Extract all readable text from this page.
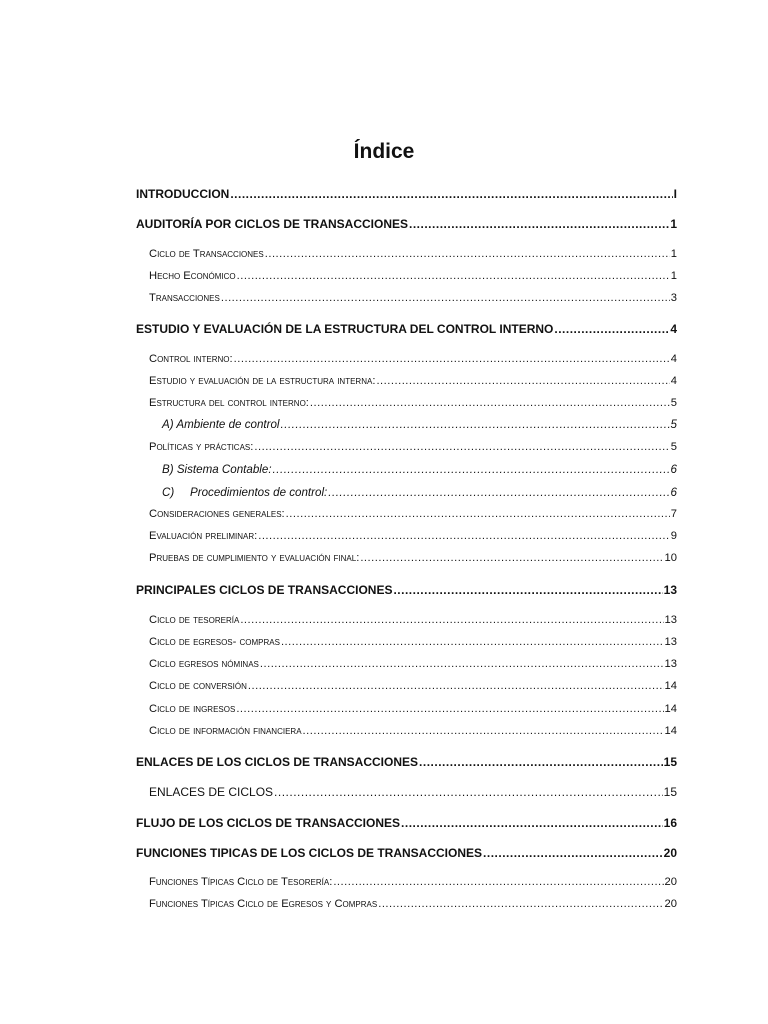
Índice
INTRODUCCION .....	I
AUDITORÍA POR CICLOS DE TRANSACCIONES .....	1
Ciclo de Transacciones .....	1
Hecho Económico .....	1
Transacciones .....	3
ESTUDIO Y EVALUACIÓN DE LA ESTRUCTURA DEL CONTROL INTERNO .....	4
Control interno: .....	4
Estudio y evaluación de la estructura interna: .....	4
Estructura del control interno: .....	5
A) Ambiente de control .....	5
Políticas y prácticas: .....	5
B) Sistema Contable: .....	6
C) Procedimientos de control: .....	6
Consideraciones generales: .....	7
Evaluación preliminar: .....	9
Pruebas de cumplimiento y evaluación final: .....	10
PRINCIPALES CICLOS DE TRANSACCIONES .....	13
Ciclo de tesorería .....	13
Ciclo de egresos- compras .....	13
Ciclo egresos nóminas .....	13
Ciclo de conversión .....	14
Ciclo de ingresos .....	14
Ciclo de información financiera .....	14
ENLACES DE LOS CICLOS DE TRANSACCIONES .....	15
ENLACES DE CICLOS .....	15
FLUJO DE LOS CICLOS DE TRANSACCIONES .....	16
FUNCIONES TIPICAS DE LOS CICLOS DE TRANSACCIONES .....	20
Funciones Típicas Ciclo de Tesorería: .....	20
Funciones Típicas Ciclo de Egresos y Compras .....	20
